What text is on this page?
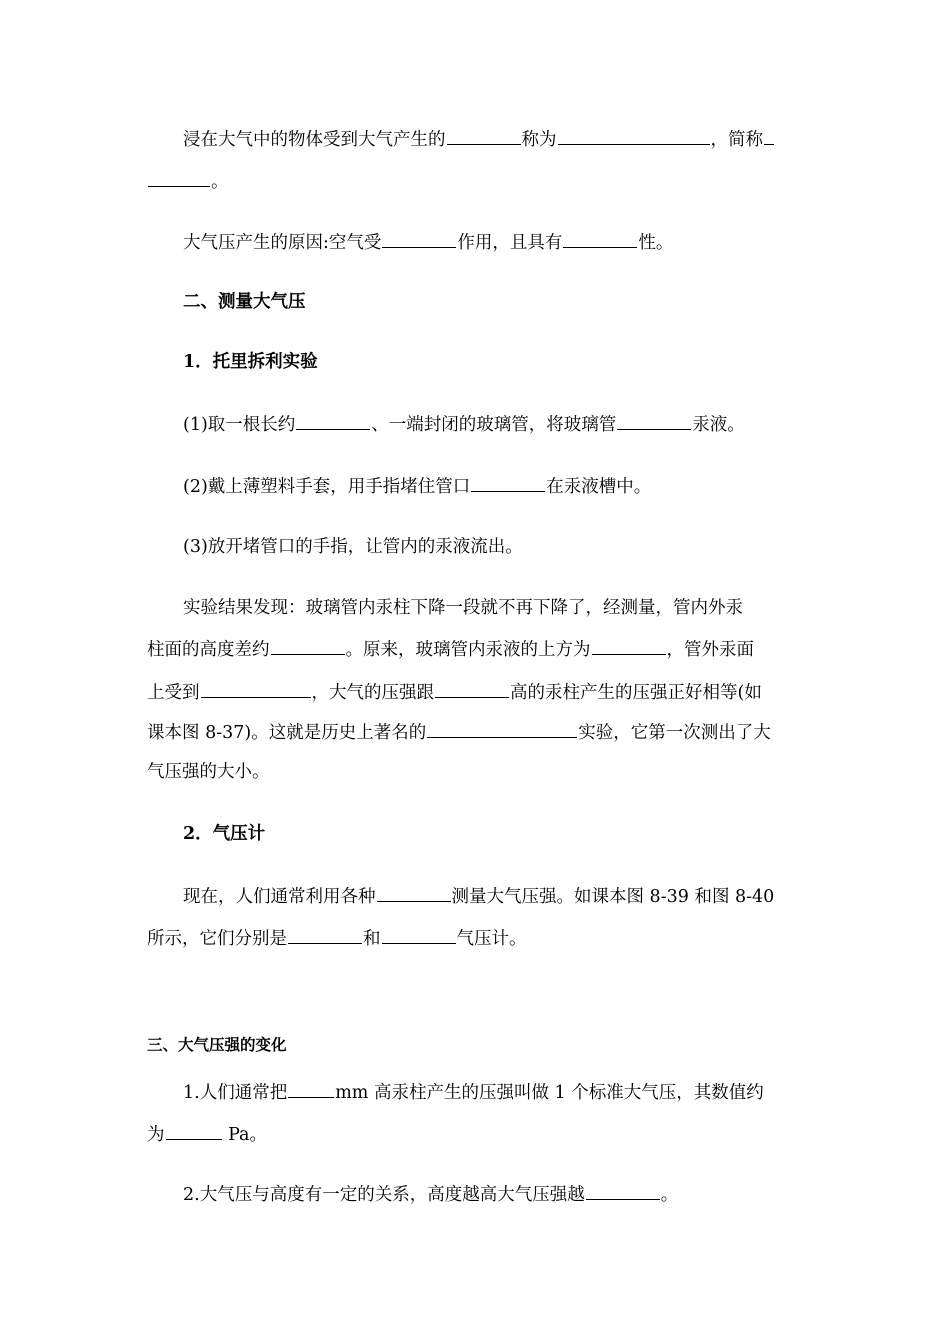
浸在大气中的物体受到大气产生的	称为	，简称
。
大气压产生的原因:空气受	作用，且具有	性。
二、测量大气压
1．托里拆利实验
(1)取一根长约	、一端封闭的玻璃管，将玻璃管	汞液。
(2)戴上薄塑料手套，用手指堵住管口	在汞液槽中。
(3)放开堵管口的手指，让管内的汞液流出。
实验结果发现：玻璃管内汞柱下降一段就不再下降了，经测量，管内外汞
柱面的高度差约	。原来，玻璃管内汞液的上方为	，管外汞面
上受到	，大气的压强跟	高的汞柱产生的压强正好相等(如
课本图 8-37)。这就是历史上著名的	实验，它第一次测出了大
气压强的大小。
2．气压计
现在，人们通常利用各种	测量大气压强。如课本图 8-39 和图 8-40
所示，它们分别是	和	气压计。
三、大气压强的变化
1.人们通常把	mm 高汞柱产生的压强叫做 1 个标准大气压，其数值约
为	Pa。
2.大气压与高度有一定的关系，高度越高大气压强越	。
